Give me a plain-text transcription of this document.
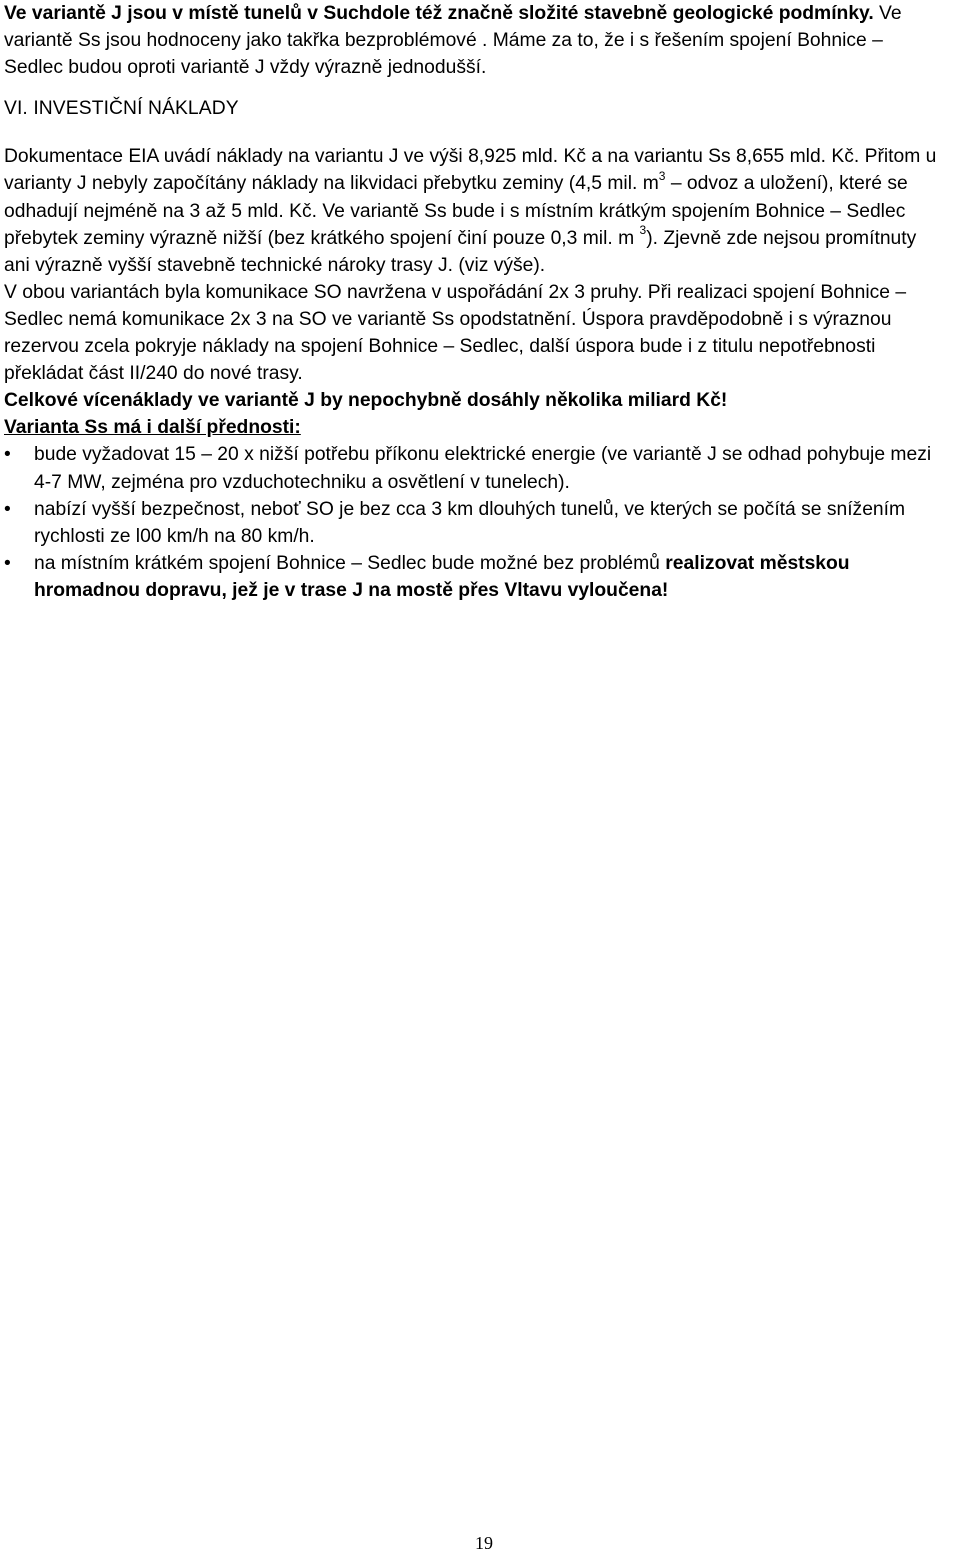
Ve variantě J jsou v místě tunelů v Suchdole též značně složité stavebně geologické podmínky. Ve variantě Ss jsou hodnoceny jako takřka bezproblémové . Máme za to, že i s řešením spojení Bohnice – Sedlec budou oproti variantě J vždy výrazně jednodušší.

VI. INVESTIČNÍ NÁKLADY

Dokumentace EIA uvádí náklady na variantu J ve výši 8,925 mld. Kč a na variantu Ss 8,655 mld. Kč. Přitom u varianty J nebyly započítány náklady na likvidaci přebytku zeminy (4,5 mil. $m^3$ – odvoz a uložení), které se odhadují nejméně na 3 až 5 mld. Kč. Ve variantě Ss bude i s místním krátkým spojením Bohnice – Sedlec přebytek zeminy výrazně nižší (bez krátkého spojení činí pouze 0,3 mil. m $^3$). Zjevně zde nejsou promítnuty ani výrazně vyšší stavebně technické nároky trasy J. (viz výše).

V obou variantách byla komunikace SO navržena v uspořádání 2x 3 pruhy. Při realizaci spojení Bohnice – Sedlec nemá komunikace 2x 3 na SO ve variantě Ss opodstatnění. Úspora pravděpodobně i s výraznou rezervou zcela pokryje náklady na spojení Bohnice – Sedlec, další úspora bude i z titulu nepotřebnosti překládat část II/240 do nové trasy.

Celkové vícenáklady ve variantě J by nepochybně dosáhly několika miliard Kč!

Varianta Ss má i další přednosti:

• bude vyžadovat 15 – 20 x nižší potřebu příkonu elektrické energie (ve variantě J se odhad pohybuje mezi 4-7 MW, zejména pro vzduchotechniku a osvětlení v tunelech).
• nabízí vyšší bezpečnost, neboť SO je bez cca 3 km dlouhých tunelů, ve kterých se počítá se snížením rychlosti ze l00 km/h na 80 km/h.
• na místním krátkém spojení Bohnice – Sedlec bude možné bez problémů realizovat městskou hromadnou dopravu, jež je v trase J na mostě přes Vltavu vyloučena!
19
